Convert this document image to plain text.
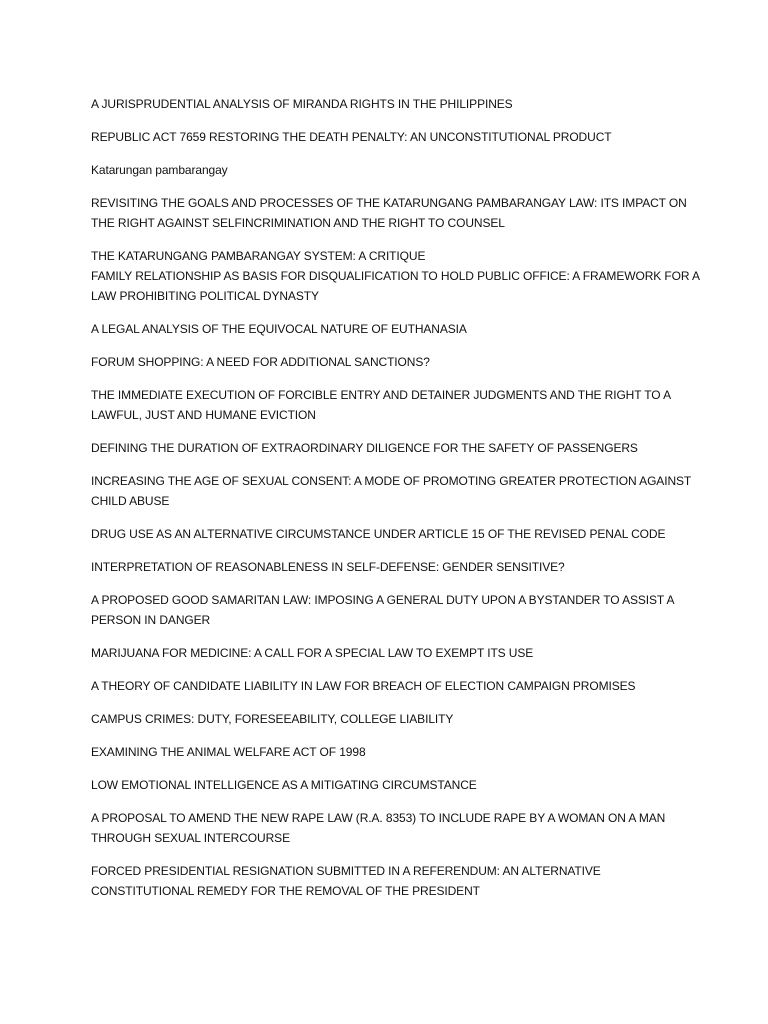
A JURISPRUDENTIAL ANALYSIS OF MIRANDA RIGHTS IN THE PHILIPPINES

REPUBLIC ACT 7659 RESTORING THE DEATH PENALTY: AN UNCONSTITUTIONAL PRODUCT

Katarungan pambarangay

REVISITING THE GOALS AND PROCESSES OF THE KATARUNGANG PAMBARANGAY LAW: ITS IMPACT ON
THE RIGHT AGAINST SELFINCRIMINATION AND THE RIGHT TO COUNSEL

THE KATARUNGANG PAMBARANGAY SYSTEM: A CRITIQUE

FAMILY RELATIONSHIP AS BASIS FOR DISQUALIFICATION TO HOLD PUBLIC OFFICE: A FRAMEWORK FOR A
LAW PROHIBITING POLITICAL DYNASTY

A LEGAL ANALYSIS OF THE EQUIVOCAL NATURE OF EUTHANASIA

FORUM SHOPPING: A NEED FOR ADDITIONAL SANCTIONS?

THE IMMEDIATE EXECUTION OF FORCIBLE ENTRY AND DETAINER JUDGMENTS AND THE RIGHT TO A
LAWFUL, JUST AND HUMANE EVICTION

DEFINING THE DURATION OF EXTRAORDINARY DILIGENCE FOR THE SAFETY OF PASSENGERS

INCREASING THE AGE OF SEXUAL CONSENT: A MODE OF PROMOTING GREATER PROTECTION AGAINST
CHILD ABUSE

DRUG USE AS AN ALTERNATIVE CIRCUMSTANCE UNDER ARTICLE 15 OF THE REVISED PENAL CODE

INTERPRETATION OF REASONABLENESS IN SELF-DEFENSE: GENDER SENSITIVE?

A PROPOSED GOOD SAMARITAN LAW: IMPOSING A GENERAL DUTY UPON A BYSTANDER TO ASSIST A
PERSON IN DANGER

MARIJUANA FOR MEDICINE: A CALL FOR A SPECIAL LAW TO EXEMPT ITS USE

A THEORY OF CANDIDATE LIABILITY IN LAW FOR BREACH OF ELECTION CAMPAIGN PROMISES

CAMPUS CRIMES: DUTY, FORESEEABILITY, COLLEGE LIABILITY

EXAMINING THE ANIMAL WELFARE ACT OF 1998

LOW EMOTIONAL INTELLIGENCE AS A MITIGATING CIRCUMSTANCE

A PROPOSAL TO AMEND THE NEW RAPE LAW (R.A. 8353) TO INCLUDE RAPE BY A WOMAN ON A MAN
THROUGH SEXUAL INTERCOURSE

FORCED PRESIDENTIAL RESIGNATION SUBMITTED IN A REFERENDUM: AN ALTERNATIVE
CONSTITUTIONAL REMEDY FOR THE REMOVAL OF THE PRESIDENT
